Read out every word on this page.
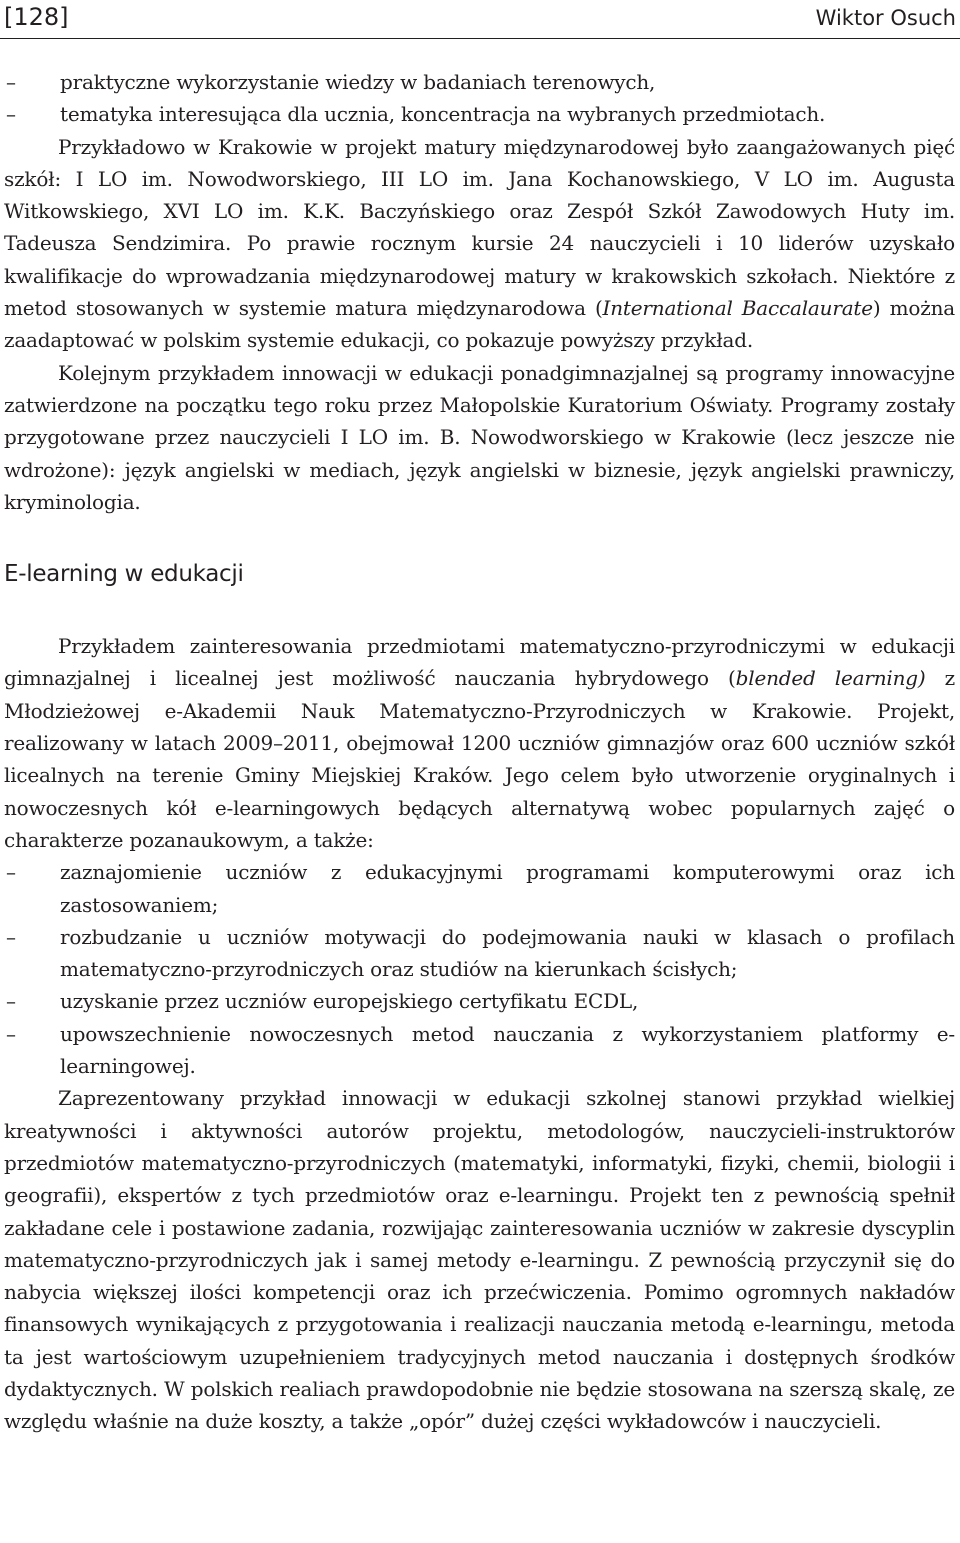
[128]	Wiktor Osuch
– praktyczne wykorzystanie wiedzy w badaniach terenowych,
– tematyka interesująca dla ucznia, koncentracja na wybranych przedmiotach.

Przykładowo w Krakowie w projekt matury międzynarodowej było zaangażowanych pięć szkół: I LO im. Nowodworskiego, III LO im. Jana Kochanowskiego, V LO im. Augusta Witkowskiego, XVI LO im. K.K. Baczyńskiego oraz Zespół Szkół Zawodowych Huty im. Tadeusza Sendzimira. Po prawie rocznym kursie 24 nauczycieli i 10 liderów uzyskało kwalifikacje do wprowadzania międzynarodowej matury w krakowskich szkołach. Niektóre z metod stosowanych w systemie matura międzynarodowa (International Baccalaurate) można zaadaptować w polskim systemie edukacji, co pokazuje powyższy przykład.

Kolejnym przykładem innowacji w edukacji ponadgimnazjalnej są programy innowacyjne zatwierdzone na początku tego roku przez Małopolskie Kuratorium Oświaty. Programy zostały przygotowane przez nauczycieli I LO im. B. Nowodworskiego w Krakowie (lecz jeszcze nie wdrożone): język angielski w mediach, język angielski w biznesie, język angielski prawniczy, kryminologia.

E-learning w edukacji

Przykładem zainteresowania przedmiotami matematyczno-przyrodniczymi w edukacji gimnazjalnej i licealnej jest możliwość nauczania hybrydowego (blended learning) z Młodzieżowej e-Akademii Nauk Matematyczno-Przyrodniczych w Krakowie. Projekt, realizowany w latach 2009–2011, obejmował 1200 uczniów gimnazjów oraz 600 uczniów szkół licealnych na terenie Gminy Miejskiej Kraków. Jego celem było utworzenie oryginalnych i nowoczesnych kół e-learningowych będących alternatywą wobec popularnych zajęć o charakterze pozanaukowym, a także:

– zaznajomienie uczniów z edukacyjnymi programami komputerowymi oraz ich zastosowaniem;
– rozbudzanie u uczniów motywacji do podejmowania nauki w klasach o profilach matematyczno-przyrodniczych oraz studiów na kierunkach ścisłych;
– uzyskanie przez uczniów europejskiego certyfikatu ECDL,
– upowszechnienie nowoczesnych metod nauczania z wykorzystaniem platformy e-learningowej.

Zaprezentowany przykład innowacji w edukacji szkolnej stanowi przykład wielkiej kreatywności i aktywności autorów projektu, metodologów, nauczycieli-instruktorów przedmiotów matematyczno-przyrodniczych (matematyki, informatyki, fizyki, chemii, biologii i geografii), ekspertów z tych przedmiotów oraz e-learningu. Projekt ten z pewnością spełnił zakładane cele i postawione zadania, rozwijając zainteresowania uczniów w zakresie dyscyplin matematyczno-przyrodniczych jak i samej metody e-learningu. Z pewnością przyczynił się do nabycia większej ilości kompetencji oraz ich przećwiczenia. Pomimo ogromnych nakładów finansowych wynikających z przygotowania i realizacji nauczania metodą e-learningu, metoda ta jest wartościowym uzupełnieniem tradycyjnych metod nauczania i dostępnych środków dydaktycznych. W polskich realiach prawdopodobnie nie będzie stosowana na szerszą skalę, ze względu właśnie na duże koszty, a także „opór” dużej części wykładowców i nauczycieli.
